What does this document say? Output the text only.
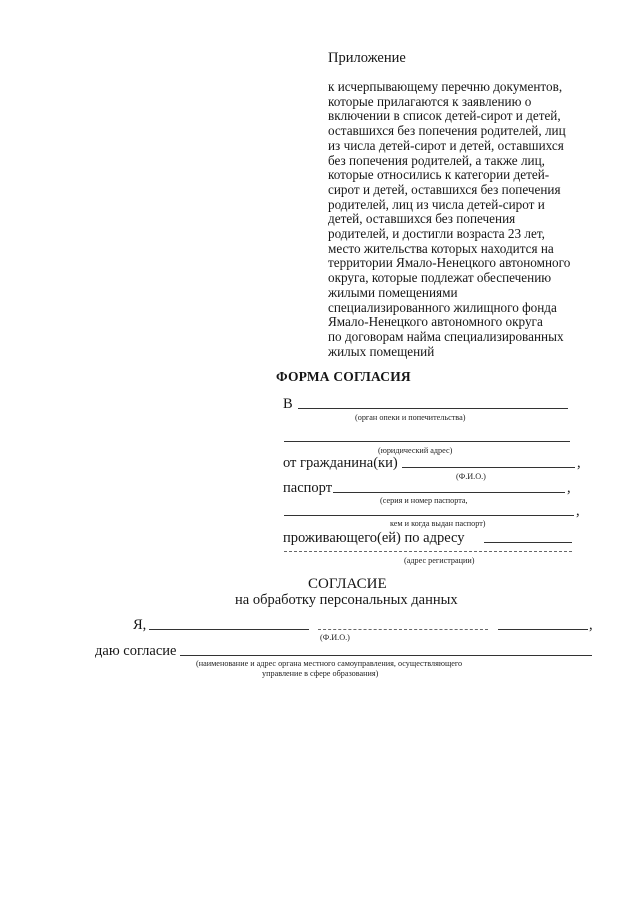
Приложение
к исчерпывающему перечню документов,
которые прилагаются к заявлению о
включении в список детей-сирот и детей,
оставшихся без попечения родителей, лиц
из числа детей-сирот и детей, оставшихся
без попечения родителей, а также лиц,
которые относились к категории детей-
сирот и детей, оставшихся без попечения
родителей, лиц из числа детей-сирот и
детей, оставшихся без попечения
родителей, и достигли возраста 23 лет,
место жительства которых находится на
территории Ямало-Ненецкого автономного
округа, которые подлежат обеспечению
жилыми помещениями
специализированного жилищного фонда
Ямало-Ненецкого автономного округа
по договорам найма специализированных
жилых помещений
ФОРМА СОГЛАСИЯ
В
(орган опеки и попечительства)
(юридический адрес)
от гражданина(ки)	,
(Ф.И.О.)
паспорт	,
(серия и номер паспорта,
,
кем и когда выдан паспорт)
проживающего(ей) по адресу
(адрес регистрации)
СОГЛАСИЕ
на обработку персональных данных
Я,	,
(Ф.И.О.)
даю согласие
(наименование и адрес органа местного самоуправления, осуществляющего
управление в сфере образования)
